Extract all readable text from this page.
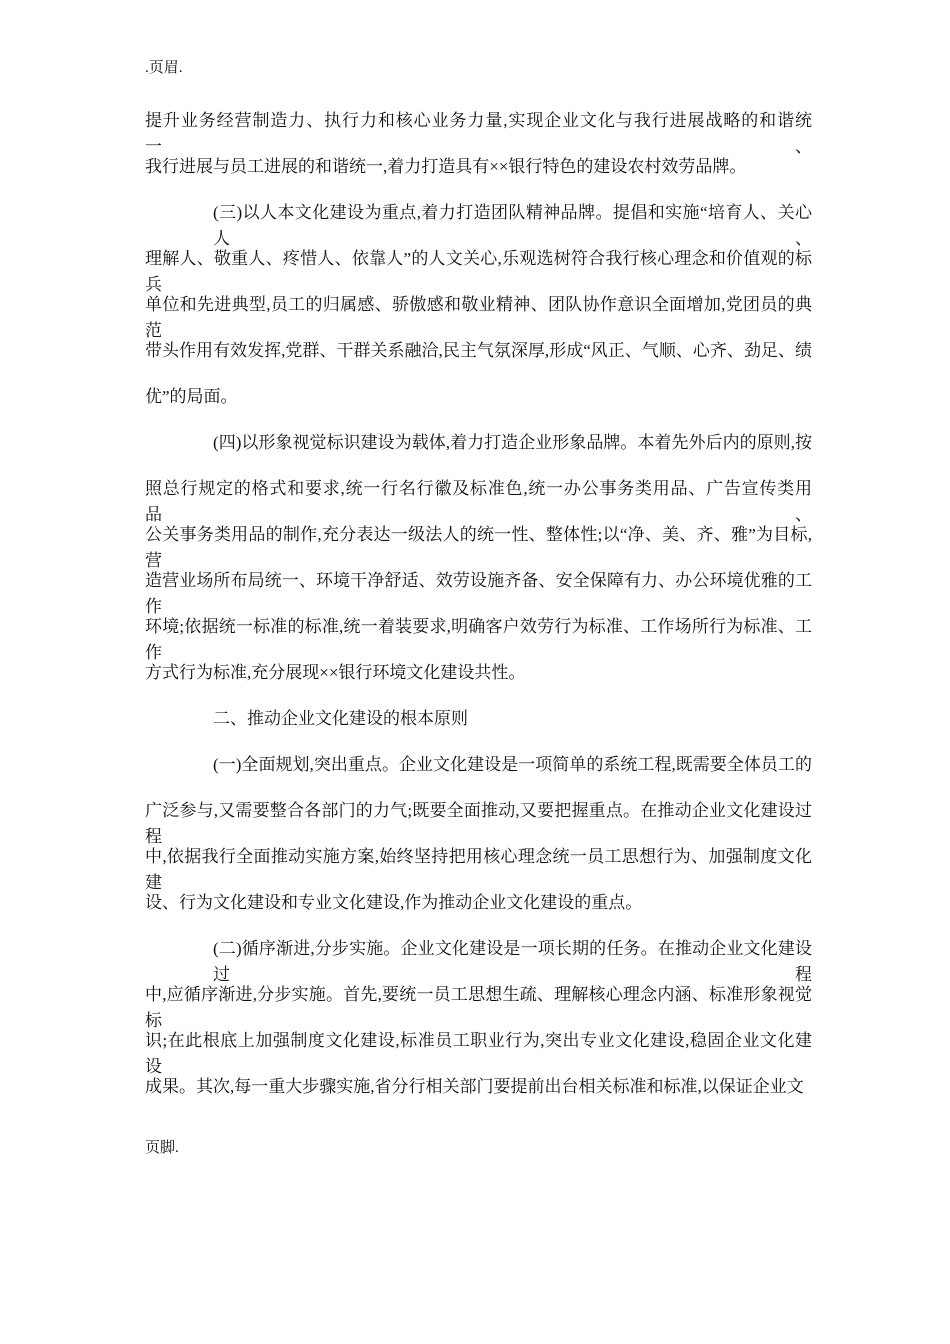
.页眉.
提升业务经营制造力、执行力和核心业务力量,实现企业文化与我行进展战略的和谐统一、
我行进展与员工进展的和谐统一,着力打造具有××银行特色的建设农村效劳品牌。
(三)以人本文化建设为重点,着力打造团队精神品牌。提倡和实施“培育人、关心人、
理解人、敬重人、疼惜人、依靠人”的人文关心,乐观选树符合我行核心理念和价值观的标兵
单位和先进典型,员工的归属感、骄傲感和敬业精神、团队协作意识全面增加,党团员的典范
带头作用有效发挥,党群、干群关系融洽,民主气氛深厚,形成“风正、气顺、心齐、劲足、绩
优”的局面。
(四)以形象视觉标识建设为载体,着力打造企业形象品牌。本着先外后内的原则,按
照总行规定的格式和要求,统一行名行徽及标准色,统一办公事务类用品、广告宣传类用品、
公关事务类用品的制作,充分表达一级法人的统一性、整体性;以“净、美、齐、雅”为目标,营
造营业场所布局统一、环境干净舒适、效劳设施齐备、安全保障有力、办公环境优雅的工作
环境;依据统一标准的标准,统一着装要求,明确客户效劳行为标准、工作场所行为标准、工作
方式行为标准,充分展现××银行环境文化建设共性。
二、推动企业文化建设的根本原则
(一)全面规划,突出重点。企业文化建设是一项简单的系统工程,既需要全体员工的
广泛参与,又需要整合各部门的力气;既要全面推动,又要把握重点。在推动企业文化建设过程
中,依据我行全面推动实施方案,始终坚持把用核心理念统一员工思想行为、加强制度文化建
设、行为文化建设和专业文化建设,作为推动企业文化建设的重点。
(二)循序渐进,分步实施。企业文化建设是一项长期的任务。在推动企业文化建设过 程
中,应循序渐进,分步实施。首先,要统一员工思想生疏、理解核心理念内涵、标准形象视觉标
识;在此根底上加强制度文化建设,标准员工职业行为,突出专业文化建设,稳固企业文化建 设
成果。其次,每一重大步骤实施,省分行相关部门要提前出台相关标准和标准,以保证企业文
页脚.
